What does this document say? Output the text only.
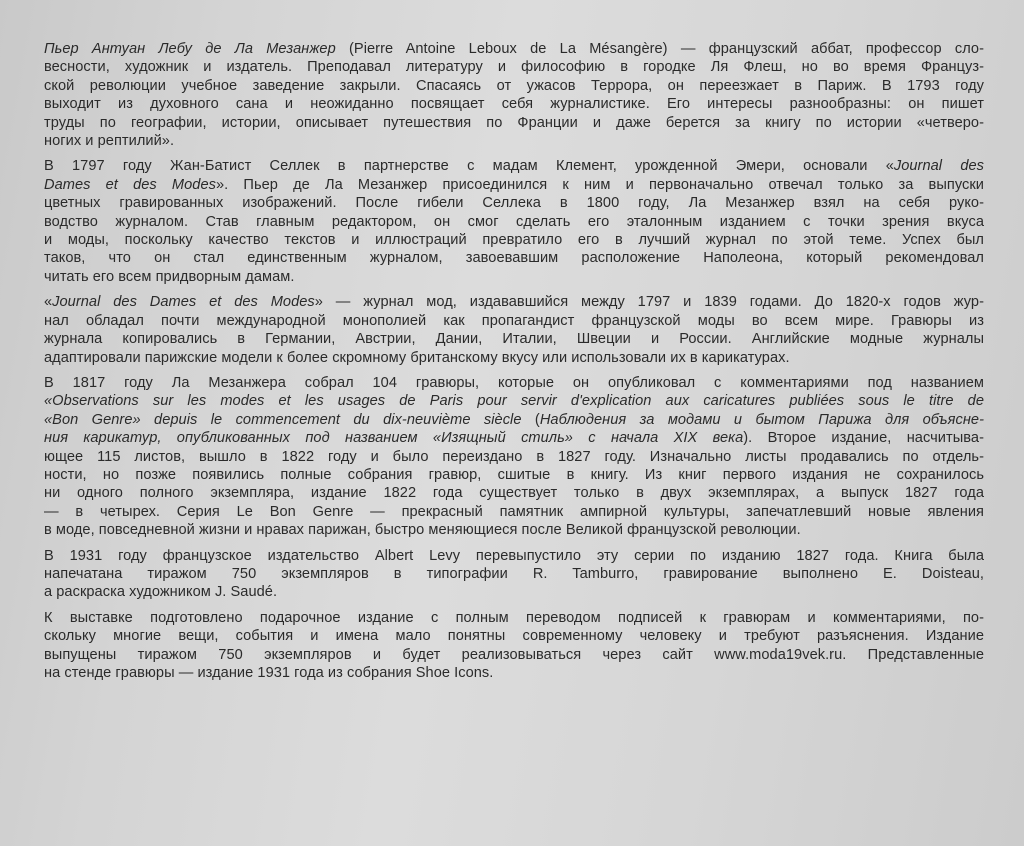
Пьер Антуан Лебу де Ла Мезанжер (Pierre Antoine Leboux de La Mésangère) — французский аббат, профессор сло-
весности, художник и издатель. Преподавал литературу и философию в городке Ля Флеш, но во время Француз-
ской революции учебное заведение закрыли. Спасаясь от ужасов Террора, он переезжает в Париж. В 1793 году
выходит из духовного сана и неожиданно посвящает себя журналистике. Его интересы разнообразны: он пишет
труды по географии, истории, описывает путешествия по Франции и даже берется за книгу по истории «четверо-
ногих и рептилий».

В 1797 году Жан-Батист Селлек в партнерстве с мадам Клемент, урожденной Эмери, основали «Journal des
Dames et des Modes». Пьер де Ла Мезанжер присоединился к ним и первоначально отвечал только за выпуски
цветных гравированных изображений. После гибели Селлека в 1800 году, Ла Мезанжер взял на себя руко-
водство журналом. Став главным редактором, он смог сделать его эталонным изданием с точки зрения вкуса
и моды, поскольку качество текстов и иллюстраций превратило его в лучший журнал по этой теме. Успех был
таков, что он стал единственным журналом, завоевавшим расположение Наполеона, который рекомендовал
читать его всем придворным дамам.

«Journal des Dames et des Modes» — журнал мод, издававшийся между 1797 и 1839 годами. До 1820-х годов жур-
нал обладал почти международной монополией как пропагандист французской моды во всем мире. Гравюры из
журнала копировались в Германии, Австрии, Дании, Италии, Швеции и России. Английские модные журналы
адаптировали парижские модели к более скромному британскому вкусу или использовали их в карикатурах.

В 1817 году Ла Мезанжера собрал 104 гравюры, которые он опубликовал с комментариями под названием
«Observations sur les modes et les usages de Paris pour servir d'explication aux caricatures publiées sous le titre de
«Bon Genre» depuis le commencement du dix-neuvième siècle (Наблюдения за модами и бытом Парижа для объясне-
ния карикатур, опубликованных под названием «Изящный стиль» с начала XIX века). Второе издание, насчитыва-
ющее 115 листов, вышло в 1822 году и было переиздано в 1827 году. Изначально листы продавались по отдель-
ности, но позже появились полные собрания гравюр, сшитые в книгу. Из книг первого издания не сохранилось
ни одного полного экземпляра, издание 1822 года существует только в двух экземплярах, а выпуск 1827 года
— в четырех. Серия Le Bon Genre — прекрасный памятник ампирной культуры, запечатлевший новые явления
в моде, повседневной жизни и нравах парижан, быстро меняющиеся после Великой французской революции.

В 1931 году французское издательство Albert Levy перевыпустило эту серии по изданию 1827 года. Книга была
напечатана тиражом 750 экземпляров в типографии R. Tamburro, гравирование выполнено E. Doisteau,
а раскраска художником J. Saudé.

К выставке подготовлено подарочное издание с полным переводом подписей к гравюрам и комментариями, по-
скольку многие вещи, события и имена мало понятны современному человеку и требуют разъяснения. Издание
выпущены тиражом 750 экземпляров и будет реализовываться через сайт www.moda19vek.ru. Представленные
на стенде гравюры — издание 1931 года из собрания Shoe Icons.
